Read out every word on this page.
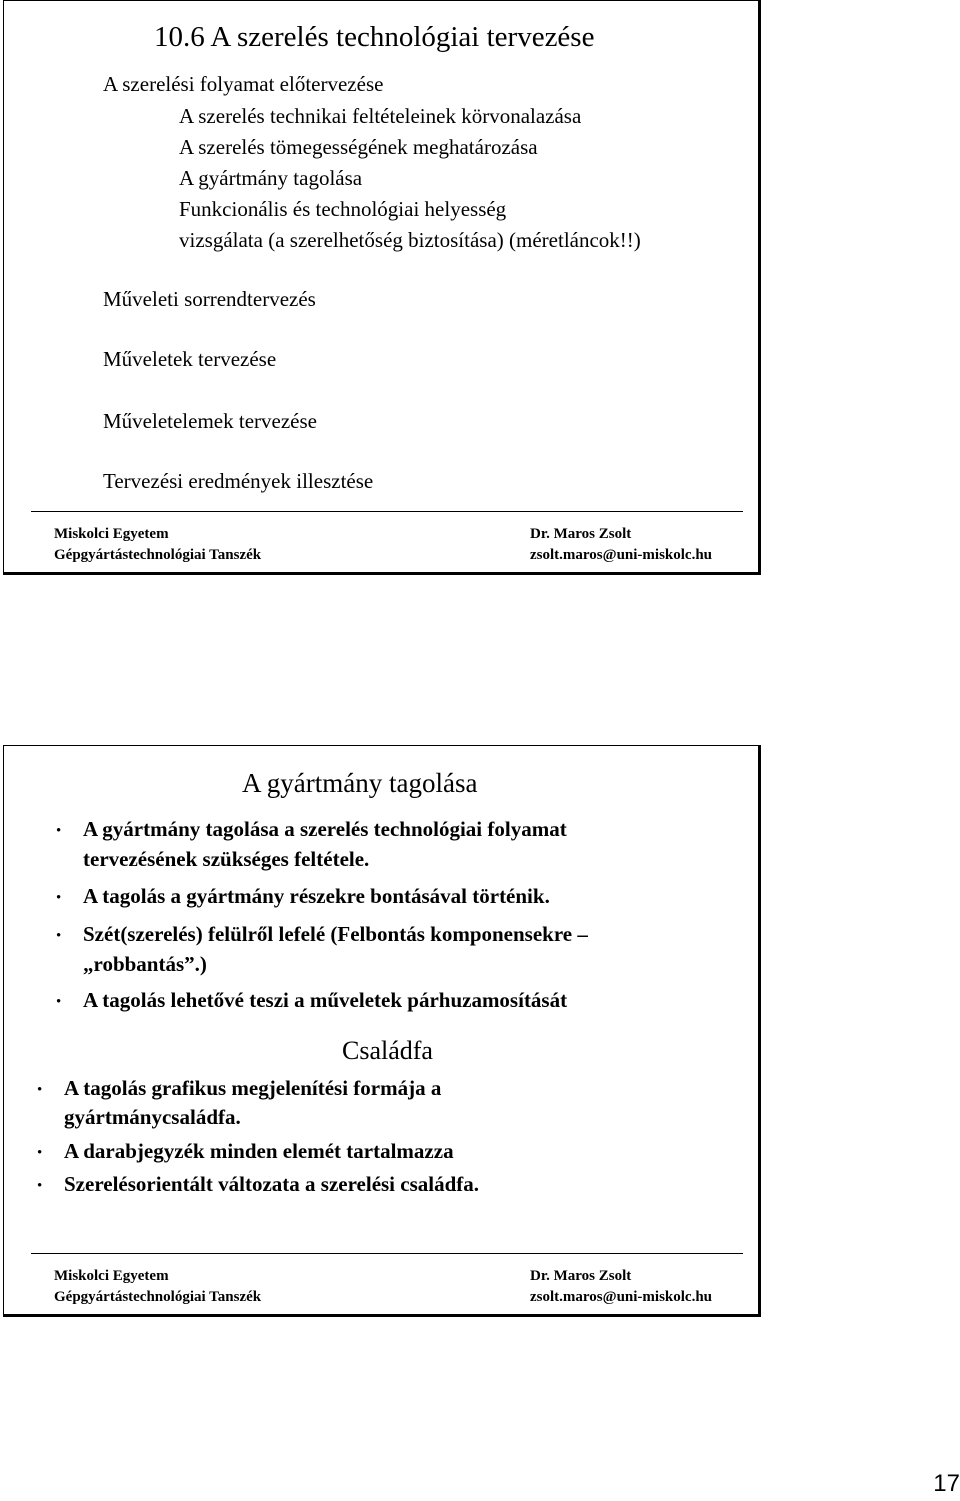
10.6 A szerelés technológiai tervezése
A szerelési folyamat előtervezése
A szerelés technikai feltételeinek körvonalazása
A szerelés tömegességének meghatározása
A gyártmány tagolása
Funkcionális és technológiai helyesség
vizsgálata (a szerelhetőség biztosítása) (méretláncok!!)
Műveleti sorrendtervezés
Műveletek tervezése
Műveletelemek tervezése
Tervezési eredmények illesztése
Miskolci Egyetem
Gépgyártástechnológiai Tanszék
Dr. Maros Zsolt
zsolt.maros@uni-miskolc.hu
A gyártmány tagolása
• A gyártmány tagolása a szerelés technológiai folyamat
tervezésének szükséges feltétele.
• A tagolás a gyártmány részekre bontásával történik.
• Szét(szerelés) felülről lefelé (Felbontás komponensekre –
„robbantás”.)
• A tagolás lehetővé teszi a műveletek párhuzamosítását
Családfa
• A tagolás grafikus megjelenítési formája a
gyártmánycsaládfa.
• A darabjegyzék minden elemét tartalmazza
• Szerelésorientált változata a szerelési családfa.
Miskolci Egyetem
Gépgyártástechnológiai Tanszék
Dr. Maros Zsolt
zsolt.maros@uni-miskolc.hu
17
